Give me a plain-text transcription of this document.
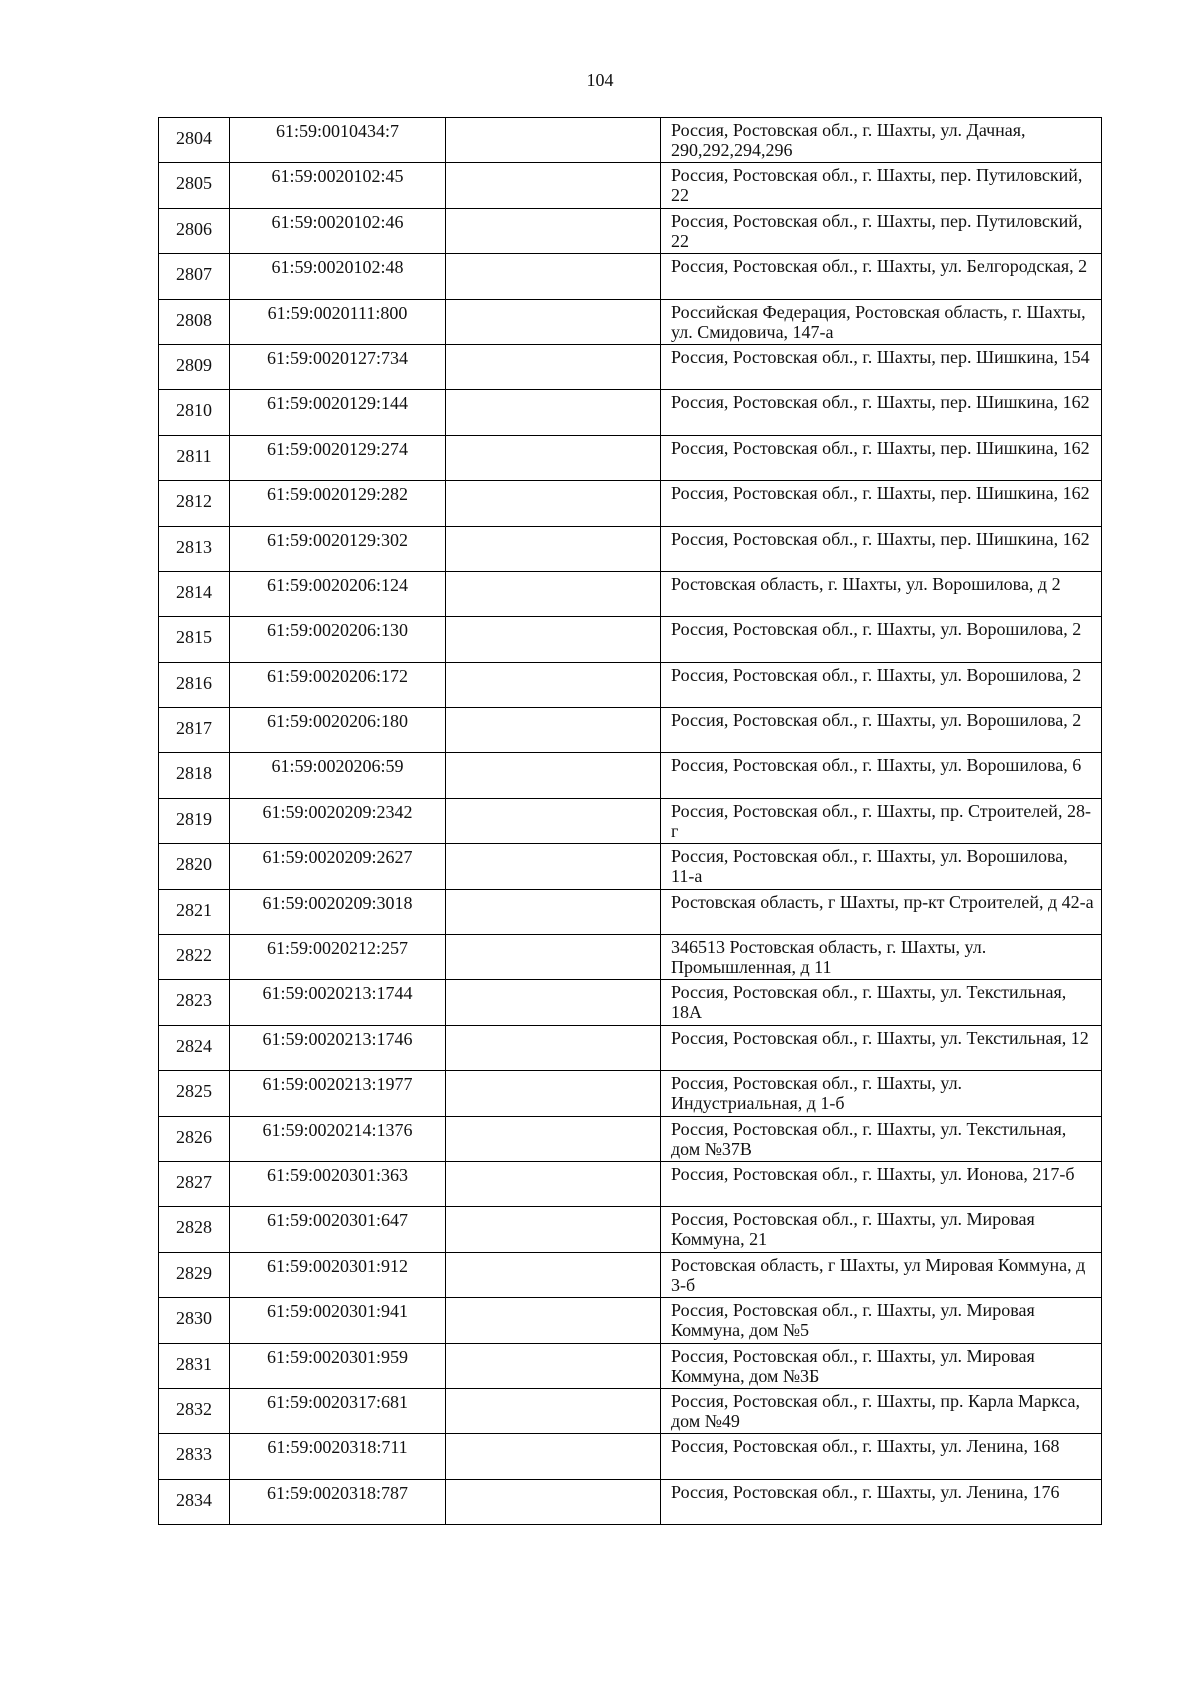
104
2804	61:59:0010434:7		Россия, Ростовская обл., г. Шахты, ул. Дачная, 290,292,294,296
2805	61:59:0020102:45		Россия, Ростовская обл., г. Шахты, пер. Путиловский, 22
2806	61:59:0020102:46		Россия, Ростовская обл., г. Шахты, пер. Путиловский, 22
2807	61:59:0020102:48		Россия, Ростовская обл., г. Шахты, ул. Белгородская, 2
2808	61:59:0020111:800		Российская Федерация, Ростовская область, г. Шахты, ул. Смидовича, 147-а
2809	61:59:0020127:734		Россия, Ростовская обл., г. Шахты, пер. Шишкина, 154
2810	61:59:0020129:144		Россия, Ростовская обл., г. Шахты, пер. Шишкина, 162
2811	61:59:0020129:274		Россия, Ростовская обл., г. Шахты, пер. Шишкина, 162
2812	61:59:0020129:282		Россия, Ростовская обл., г. Шахты, пер. Шишкина, 162
2813	61:59:0020129:302		Россия, Ростовская обл., г. Шахты, пер. Шишкина, 162
2814	61:59:0020206:124		Ростовская область, г. Шахты, ул. Ворошилова, д 2
2815	61:59:0020206:130		Россия, Ростовская обл., г. Шахты, ул. Ворошилова, 2
2816	61:59:0020206:172		Россия, Ростовская обл., г. Шахты, ул. Ворошилова, 2
2817	61:59:0020206:180		Россия, Ростовская обл., г. Шахты, ул. Ворошилова, 2
2818	61:59:0020206:59		Россия, Ростовская обл., г. Шахты, ул. Ворошилова, 6
2819	61:59:0020209:2342		Россия, Ростовская обл., г. Шахты, пр. Строителей, 28-г
2820	61:59:0020209:2627		Россия, Ростовская обл., г. Шахты, ул. Ворошилова, 11-а
2821	61:59:0020209:3018		Ростовская область, г Шахты, пр-кт Строителей, д 42-а
2822	61:59:0020212:257		346513 Ростовская область, г. Шахты, ул. Промышленная, д 11
2823	61:59:0020213:1744		Россия, Ростовская обл., г. Шахты, ул. Текстильная, 18А
2824	61:59:0020213:1746		Россия, Ростовская обл., г. Шахты, ул. Текстильная, 12
2825	61:59:0020213:1977		Россия, Ростовская обл., г. Шахты, ул. Индустриальная, д 1-б
2826	61:59:0020214:1376		Россия, Ростовская обл., г. Шахты, ул. Текстильная, дом №37В
2827	61:59:0020301:363		Россия, Ростовская обл., г. Шахты, ул. Ионова, 217-б
2828	61:59:0020301:647		Россия, Ростовская обл., г. Шахты, ул. Мировая Коммуна, 21
2829	61:59:0020301:912		Ростовская область, г Шахты, ул Мировая Коммуна, д 3-б
2830	61:59:0020301:941		Россия, Ростовская обл., г. Шахты, ул. Мировая Коммуна, дом №5
2831	61:59:0020301:959		Россия, Ростовская обл., г. Шахты, ул. Мировая Коммуна, дом №3Б
2832	61:59:0020317:681		Россия, Ростовская обл., г. Шахты, пр. Карла Маркса, дом №49
2833	61:59:0020318:711		Россия, Ростовская обл., г. Шахты, ул. Ленина, 168
2834	61:59:0020318:787		Россия, Ростовская обл., г. Шахты, ул. Ленина, 176
